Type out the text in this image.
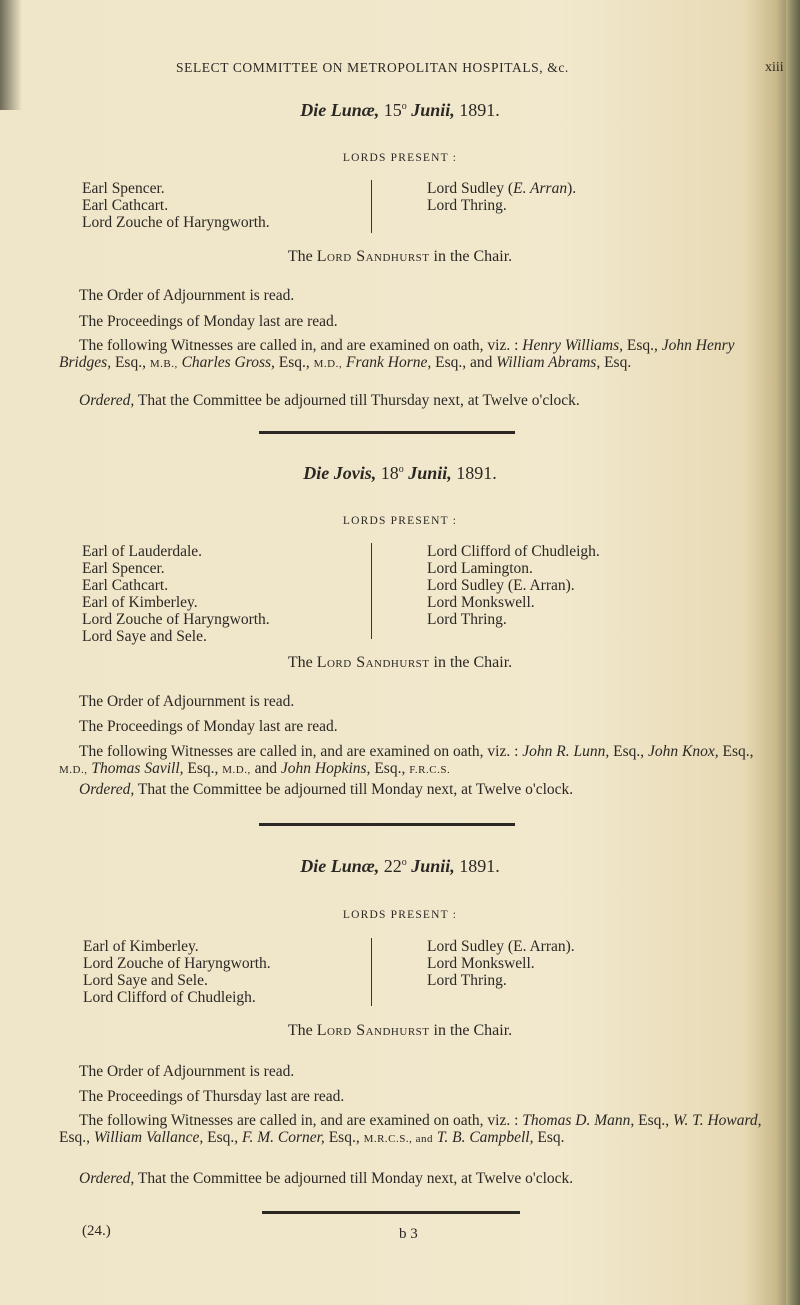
SELECT COMMITTEE ON METROPOLITAN HOSPITALS, &c.	xiii
Die Lunæ, 15$^o$ Junii, 1891.
LORDS PRESENT :
Earl Spencer.
Earl Cathcart.
Lord Zouche of Haryngworth.
Lord Sudley (E. Arran).
Lord Thring.
The Lord Sandhurst in the Chair.
The Order of Adjournment is read.
The Proceedings of Monday last are read.
The following Witnesses are called in, and are examined on oath, viz. : Henry Williams, Esq., John Henry Bridges, Esq., M.B., Charles Gross, Esq., M.D., Frank Horne, Esq., and William Abrams, Esq.
Ordered, That the Committee be adjourned till Thursday next, at Twelve o'clock.
Die Jovis, 18$^o$ Junii, 1891.
LORDS PRESENT :
Earl of Lauderdale.
Earl Spencer.
Earl Cathcart.
Earl of Kimberley.
Lord Zouche of Haryngworth.
Lord Saye and Sele.
Lord Clifford of Chudleigh.
Lord Lamington.
Lord Sudley (E. Arran).
Lord Monkswell.
Lord Thring.
The Lord Sandhurst in the Chair.
The Order of Adjournment is read.
The Proceedings of Monday last are read.
The following Witnesses are called in, and are examined on oath, viz. : John R. Lunn, Esq., John Knox, Esq., M.D., Thomas Savill, Esq., M.D., and John Hopkins, Esq., F.R.C.S.
Ordered, That the Committee be adjourned till Monday next, at Twelve o'clock.
Die Lunæ, 22$^o$ Junii, 1891.
LORDS PRESENT :
Earl of Kimberley.
Lord Zouche of Haryngworth.
Lord Saye and Sele.
Lord Clifford of Chudleigh.
Lord Sudley (E. Arran).
Lord Monkswell.
Lord Thring.
The Lord Sandhurst in the Chair.
The Order of Adjournment is read.
The Proceedings of Thursday last are read.
The following Witnesses are called in, and are examined on oath, viz. : Thomas D. Mann, Esq., W. T. Howard, Esq., William Vallance, Esq., F. M. Corner, Esq., M.R.C.S., and T. B. Campbell, Esq.
Ordered, That the Committee be adjourned till Monday next, at Twelve o'clock.
(24.)	b 3
